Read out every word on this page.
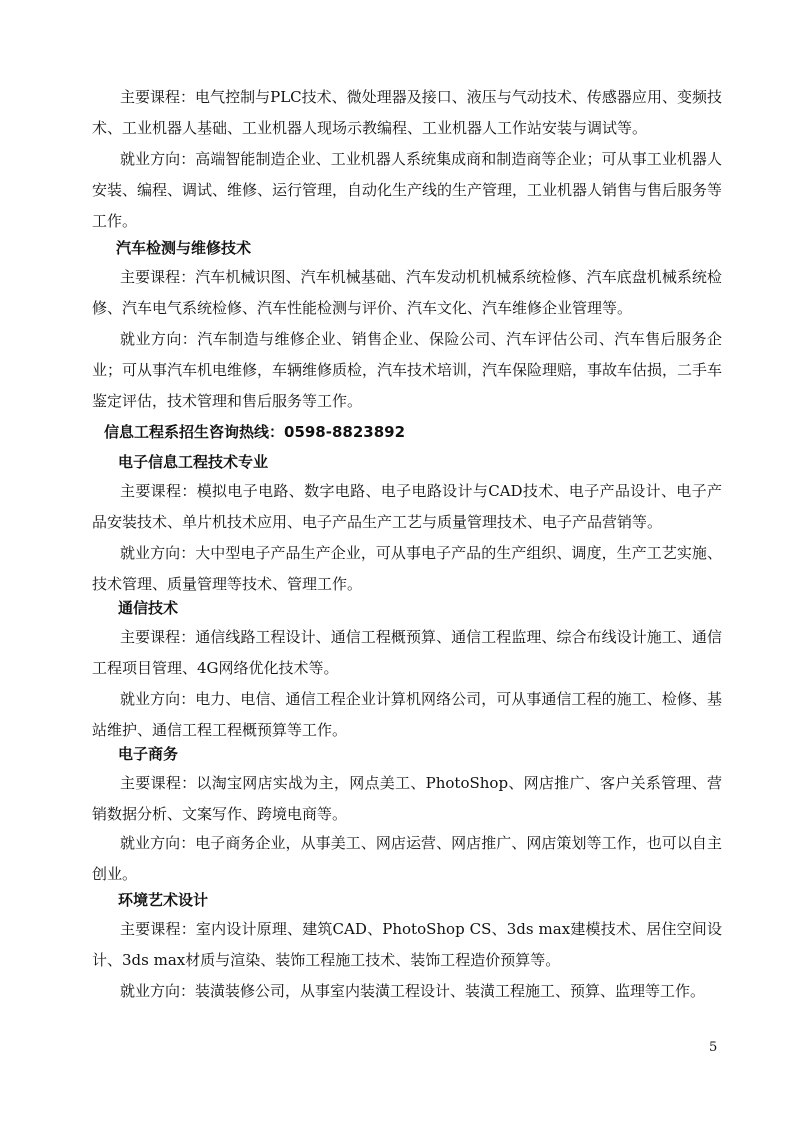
主要课程：电气控制与PLC技术、微处理器及接口、液压与气动技术、传感器应用、变频技术、工业机器人基础、工业机器人现场示教编程、工业机器人工作站安装与调试等。

就业方向：高端智能制造企业、工业机器人系统集成商和制造商等企业；可从事工业机器人安装、编程、调试、维修、运行管理，自动化生产线的生产管理，工业机器人销售与售后服务等工作。

汽车检测与维修技术

主要课程：汽车机械识图、汽车机械基础、汽车发动机机械系统检修、汽车底盘机械系统检修、汽车电气系统检修、汽车性能检测与评价、汽车文化、汽车维修企业管理等。

就业方向：汽车制造与维修企业、销售企业、保险公司、汽车评估公司、汽车售后服务企业；可从事汽车机电维修，车辆维修质检，汽车技术培训，汽车保险理赔，事故车估损，二手车鉴定评估，技术管理和售后服务等工作。

信息工程系招生咨询热线：0598-8823892
电子信息工程技术专业

主要课程：模拟电子电路、数字电路、电子电路设计与CAD技术、电子产品设计、电子产品安装技术、单片机技术应用、电子产品生产工艺与质量管理技术、电子产品营销等。

就业方向：大中型电子产品生产企业，可从事电子产品的生产组织、调度，生产工艺实施、技术管理、质量管理等技术、管理工作。

通信技术

主要课程：通信线路工程设计、通信工程概预算、通信工程监理、综合布线设计施工、通信工程项目管理、4G网络优化技术等。

就业方向：电力、电信、通信工程企业计算机网络公司，可从事通信工程的施工、检修、基站维护、通信工程工程概预算等工作。

电子商务

主要课程：以淘宝网店实战为主，网点美工、PhotoShop、网店推广、客户关系管理、营销数据分析、文案写作、跨境电商等。

就业方向：电子商务企业，从事美工、网店运营、网店推广、网店策划等工作，也可以自主创业。

环境艺术设计

主要课程：室内设计原理、建筑CAD、PhotoShop CS、3ds max建模技术、居住空间设计、3ds max材质与渲染、装饰工程施工技术、装饰工程造价预算等。

就业方向：装潢装修公司，从事室内装潢工程设计、装潢工程施工、预算、监理等工作。

5
